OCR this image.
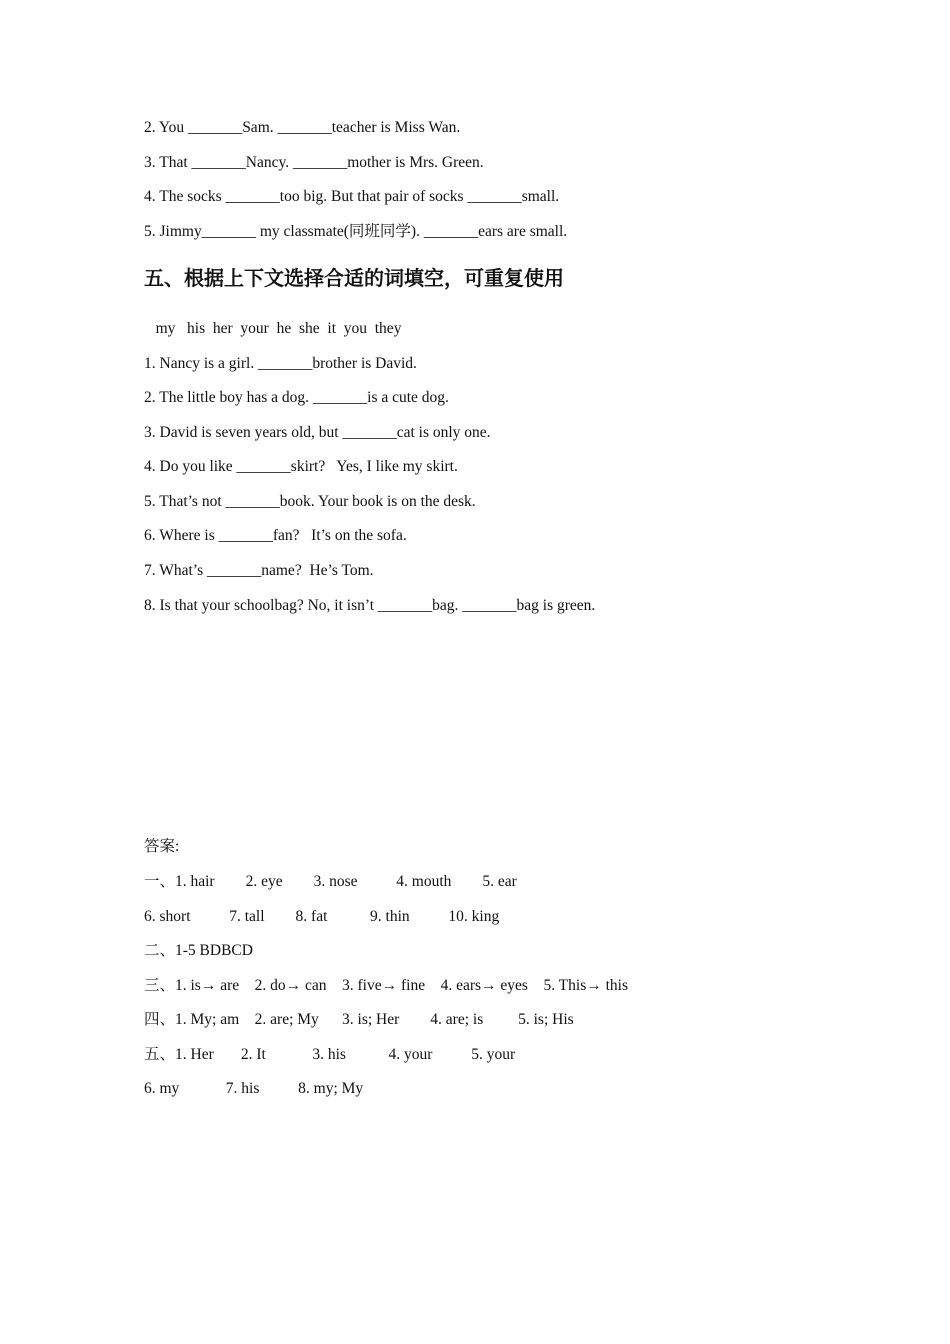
2. You _______Sam. _______teacher is Miss Wan.
3. That _______Nancy. _______mother is Mrs. Green.
4. The socks _______too big. But that pair of socks _______small.
5. Jimmy_______ my classmate(同班同学). _______ears are small.
五、根据上下文选择合适的词填空，可重复使用
my   his  her  your  he  she  it  you  they
1. Nancy is a girl. _______brother is David.
2. The little boy has a dog. _______is a cute dog.
3. David is seven years old, but _______cat is only one.
4. Do you like _______skirt?   Yes, I like my skirt.
5. That’s not _______book. Your book is on the desk.
6. Where is _______fan?   It’s on the sofa.
7. What’s _______name?  He’s Tom.
8. Is that your schoolbag? No, it isn’t _______bag. _______bag is green.
答案:
一、1. hair        2. eye        3. nose          4. mouth        5. ear
6. short          7. tall        8. fat           9. thin          10. king
二、1-5 BDBCD
三、1. is→ are    2. do→ can    3. five→ fine    4. ears→ eyes    5. This→ this
四、1. My; am    2. are; My      3. is; Her        4. are; is         5. is; His
五、1. Her       2. It            3. his           4. your          5. your
6. my            7. his          8. my; My
